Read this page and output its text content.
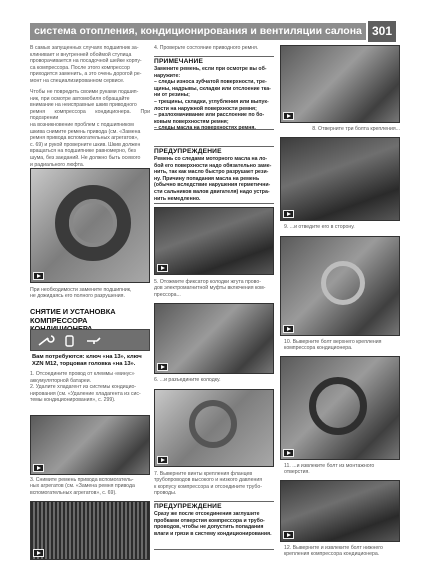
система отопления, кондиционирования и вентиляции салона 301
В самых запущенных случаях подшипник за-
клинивает и внутренней обоймой ступица
проворачивается на посадочной шейке корпу-
са компрессора. После этого компрессор
приходится заменить, а это очень дорогой ре-
монт на специализированном сервисе.
Чтобы не повредить своими руками подшип-
ник, при осмотре автомобиля обращайте
внимание на неисправные шкив приводного
ремня компрессора кондиционера. При подозрении
на возникновение проблем с подшипником
шкива снимите ремень привода (см. «Замена
ремня привода вспомогательных агрегатов»,
с. 69) и рукой проверните шкив. Шкив должен
вращаться на подшипнике равномерно, без
шума, без заеданий. Не должно быть осевого
и радиального люфта.
При необходимости замените подшипник,
не дожидаясь его полного разрушения.
СНЯТИЕ И УСТАНОВКА
КОМПРЕССОРА
Вам потребуются: ключ «на 13», ключ
XZN M12, торцовая головка «на 13».
1. Отсоедините провод от клеммы «минус»
аккумуляторной батареи.
2. Удалите хладагент из системы кондицио-
нирования (см. «Удаление хладагента из сис-
темы кондиционирования», с. 299).
3. Снимите ремень привода вспомогатель-
ных агрегатов (см. «Замена ремня привода
вспомогательных агрегатов», с. 69).
4. Проверьте состояние приводного ремня.
ПРИМЕЧАНИЕ
Замените ремень, если при осмотре вы об-
наружите:
– следы износа зубчатой поверхности, тре-
щины, надрывы, складки или отслоение тка-
ни от резины;
– трещины, складки, углубления или выпук-
лости на наружной поверхности ремня;
– разлохмачивание или расслоение по бо-
ковым поверхностям ремня;
– следы масла на поверхностях ремня.
ПРЕДУПРЕЖДЕНИЕ
Ремень со следами моторного масла на ло-
бой его поверхности надо обязательно заме-
нить, так как масло быстро разрушает рези-
ну. Причину попадания масла на ремень
(обычно вследствие нарушения герметични-
сти сальников валов двигателя) надо устра-
нить немедленно.
5. Отожмите фиксатор колодки жгута прово-
дов электромагнитной муфты включения ком-
прессора...
6. ...и разъедините колодку.
7. Выверните винты крепления фланцев
трубопроводов высокого и низкого давления
к корпусу компрессора и отсоедините трубо-
проводы.
ПРЕДУПРЕЖДЕНИЕ
Сразу же после отсоединения заглушите
пробками отверстия компрессора и трубо-
проводов, чтобы не допустить попадания
влаги и грязи в систему кондиционирования.
8. Отверните три болта крепления...
9. ...и отведите его в сторону.
10. Выверните болт верхнего крепления
компрессора кондиционера.
11. ...и извлеките болт из монтажного
отверстия.
12. Выверните и извлеките болт нижнего
крепления компрессора кондиционера.
